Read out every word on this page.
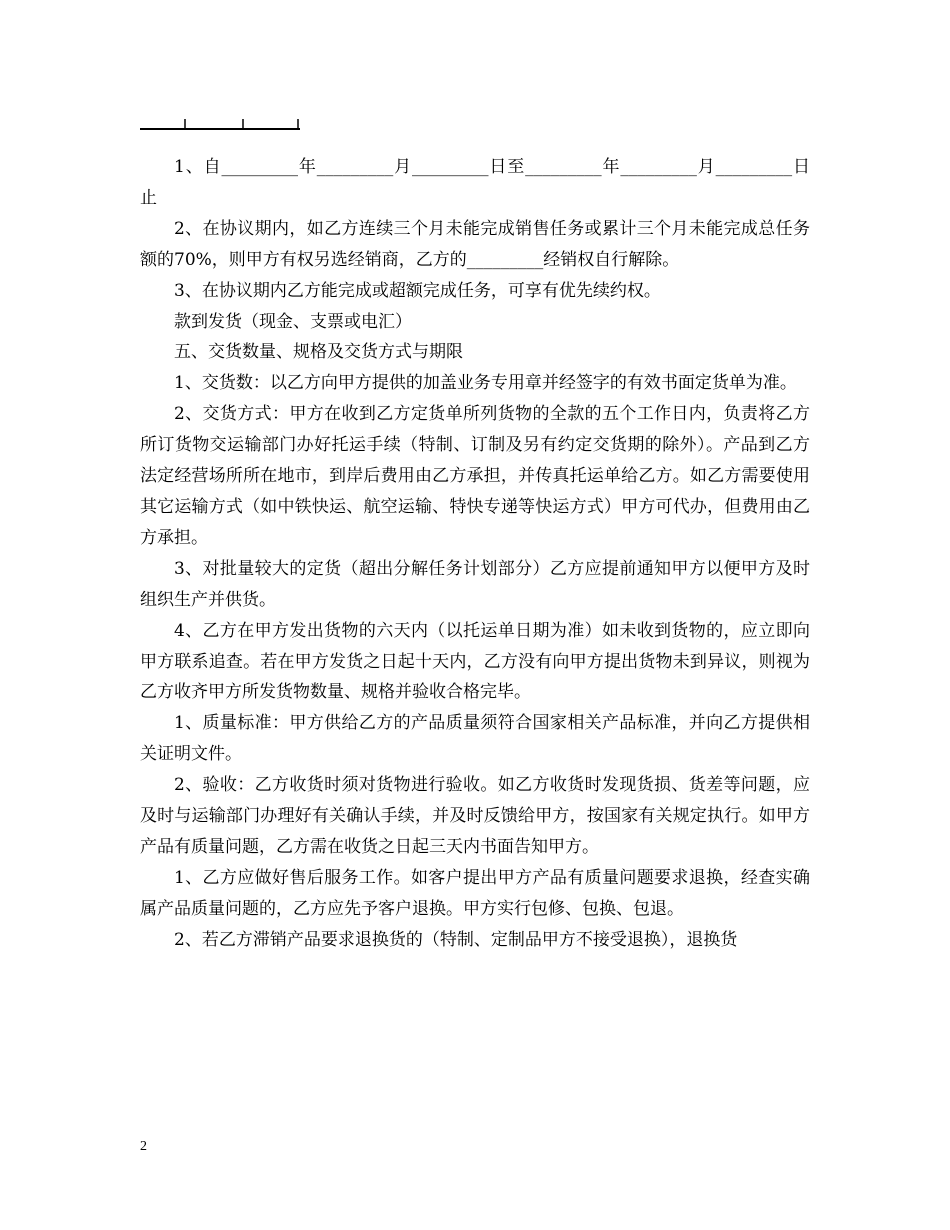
1、自_________年_________月_________日至_________年_________月_________日止

2、在协议期内，如乙方连续三个月未能完成销售任务或累计三个月未能完成总任务额的70%，则甲方有权另选经销商，乙方的_________经销权自行解除。

3、在协议期内乙方能完成或超额完成任务，可享有优先续约权。

款到发货（现金、支票或电汇）

五、交货数量、规格及交货方式与期限

1、交货数：以乙方向甲方提供的加盖业务专用章并经签字的有效书面定货单为准。

2、交货方式：甲方在收到乙方定货单所列货物的全款的五个工作日内，负责将乙方所订货物交运输部门办好托运手续（特制、订制及另有约定交货期的除外）。产品到乙方法定经营场所所在地市，到岸后费用由乙方承担，并传真托运单给乙方。如乙方需要使用其它运输方式（如中铁快运、航空运输、特快专递等快运方式）甲方可代办，但费用由乙方承担。

3、对批量较大的定货（超出分解任务计划部分）乙方应提前通知甲方以便甲方及时组织生产并供货。

4、乙方在甲方发出货物的六天内（以托运单日期为准）如未收到货物的，应立即向甲方联系追查。若在甲方发货之日起十天内，乙方没有向甲方提出货物未到异议，则视为乙方收齐甲方所发货物数量、规格并验收合格完毕。

1、质量标准：甲方供给乙方的产品质量须符合国家相关产品标准，并向乙方提供相关证明文件。

2、验收：乙方收货时须对货物进行验收。如乙方收货时发现货损、货差等问题，应及时与运输部门办理好有关确认手续，并及时反馈给甲方，按国家有关规定执行。如甲方产品有质量问题，乙方需在收货之日起三天内书面告知甲方。

1、乙方应做好售后服务工作。如客户提出甲方产品有质量问题要求退换，经查实确属产品质量问题的，乙方应先予客户退换。甲方实行包修、包换、包退。

2、若乙方滞销产品要求退换货的（特制、定制品甲方不接受退换），退换货

2
